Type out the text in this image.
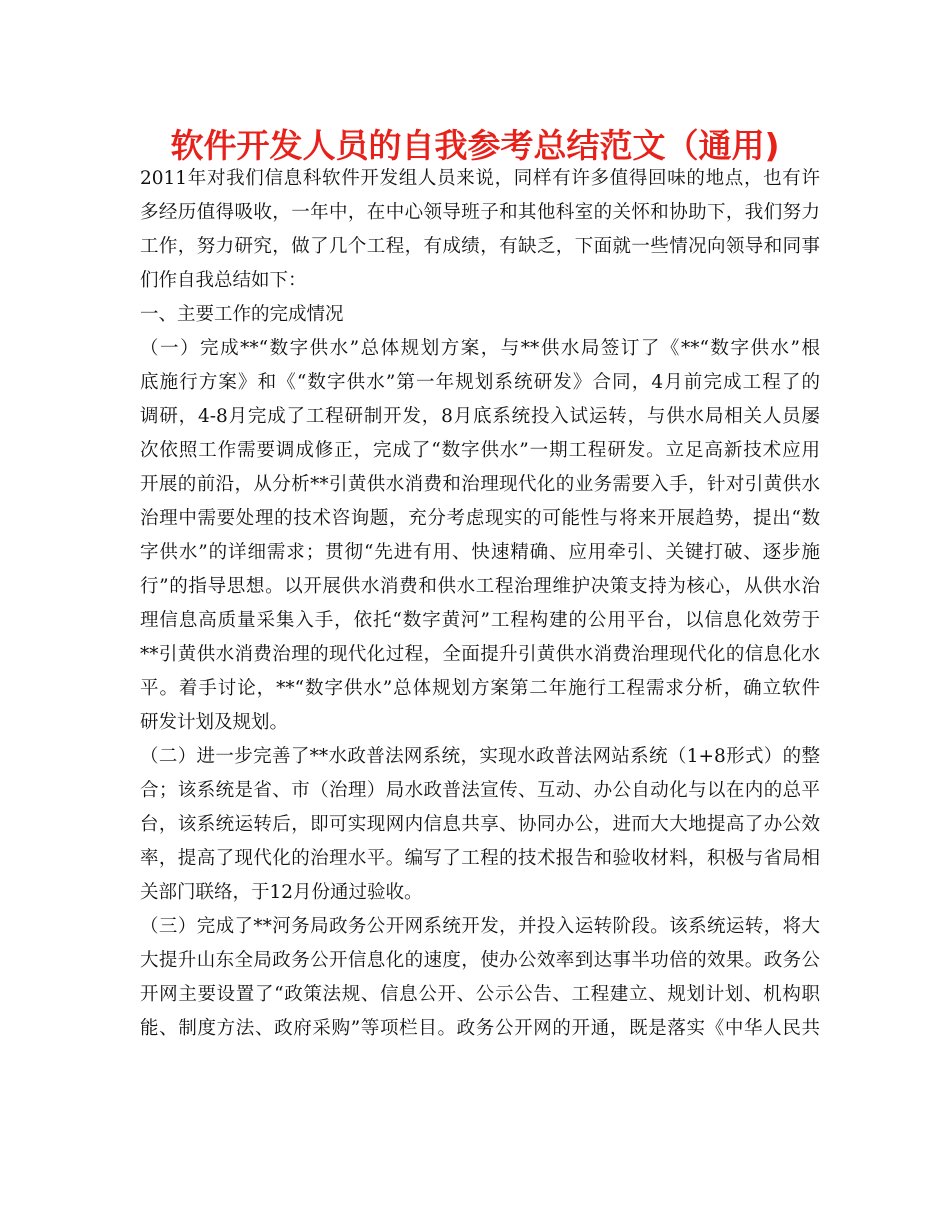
软件开发人员的自我参考总结范文（通用)
2011年对我们信息科软件开发组人员来说，同样有许多值得回味的地点，也有许
多经历值得吸收，一年中，在中心领导班子和其他科室的关怀和协助下，我们努力
工作，努力研究，做了几个工程，有成绩，有缺乏，下面就一些情况向领导和同事
们作自我总结如下：
一、主要工作的完成情况
（一）完成**“数字供水”总体规划方案，与**供水局签订了《**“数字供水”根
底施行方案》和《“数字供水”第一年规划系统研发》合同，4月前完成工程了的
调研，4-8月完成了工程研制开发，8月底系统投入试运转，与供水局相关人员屡
次依照工作需要调成修正，完成了“数字供水”一期工程研发。立足高新技术应用
开展的前沿，从分析**引黄供水消费和治理现代化的业务需要入手，针对引黄供水
治理中需要处理的技术咨询题，充分考虑现实的可能性与将来开展趋势，提出“数
字供水”的详细需求；贯彻“先进有用、快速精确、应用牵引、关键打破、逐步施
行”的指导思想。以开展供水消费和供水工程治理维护决策支持为核心，从供水治
理信息高质量采集入手，依托“数字黄河”工程构建的公用平台，以信息化效劳于
**引黄供水消费治理的现代化过程，全面提升引黄供水消费治理现代化的信息化水
平。着手讨论，**“数字供水”总体规划方案第二年施行工程需求分析，确立软件
研发计划及规划。
（二）进一步完善了**水政普法网系统，实现水政普法网站系统（1+8形式）的整
合；该系统是省、市（治理）局水政普法宣传、互动、办公自动化与以在内的总平
台，该系统运转后，即可实现网内信息共享、协同办公，进而大大地提高了办公效
率，提高了现代化的治理水平。编写了工程的技术报告和验收材料，积极与省局相
关部门联络，于12月份通过验收。
（三）完成了**河务局政务公开网系统开发，并投入运转阶段。该系统运转，将大
大提升山东全局政务公开信息化的速度，使办公效率到达事半功倍的效果。政务公
开网主要设置了“政策法规、信息公开、公示公告、工程建立、规划计划、机构职
能、制度方法、政府采购”等项栏目。政务公开网的开通，既是落实《中华人民共
